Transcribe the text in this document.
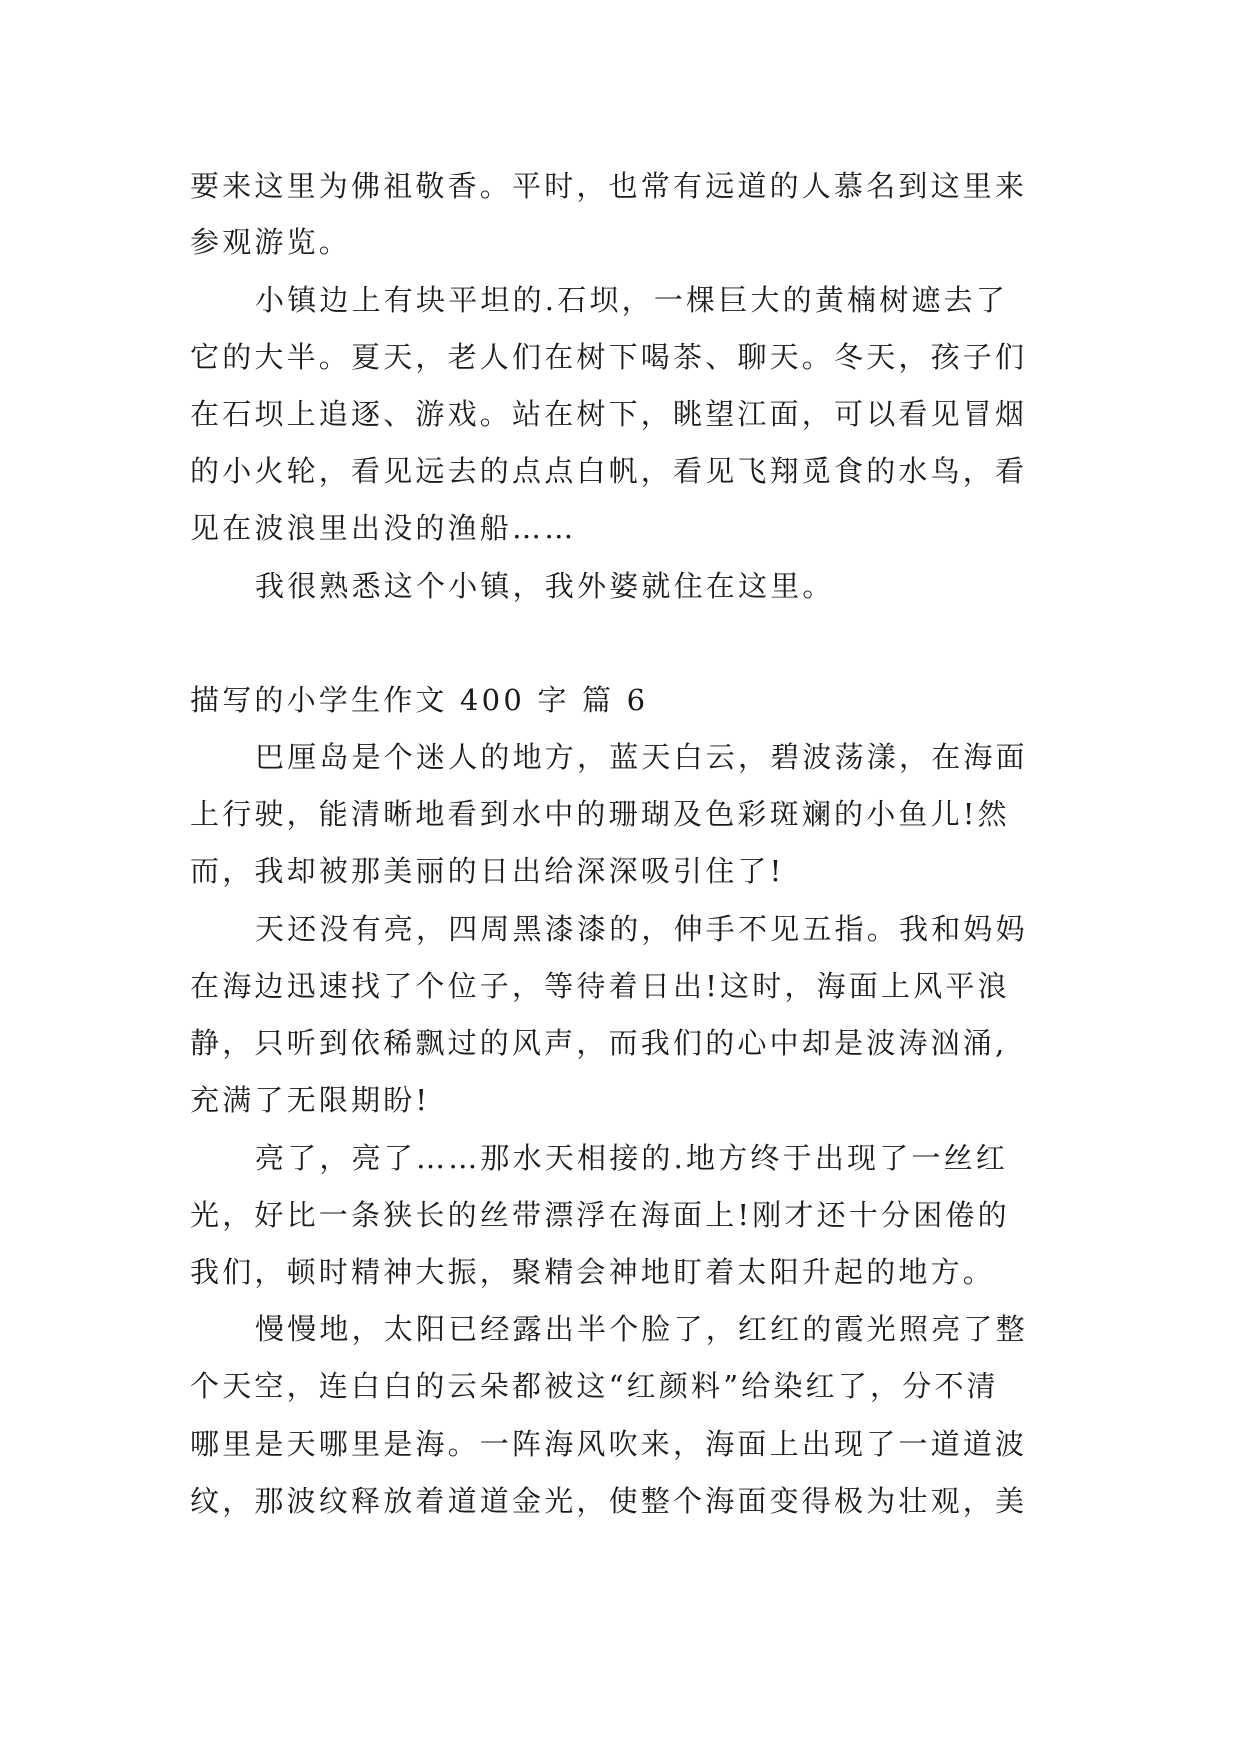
要来这里为佛祖敬香。平时，也常有远道的人慕名到这里来
参观游览。
小镇边上有块平坦的.石坝，一棵巨大的黄楠树遮去了
它的大半。夏天，老人们在树下喝茶、聊天。冬天，孩子们
在石坝上追逐、游戏。站在树下，眺望江面，可以看见冒烟
的小火轮，看见远去的点点白帆，看见飞翔觅食的水鸟，看
见在波浪里出没的渔船……
我很熟悉这个小镇，我外婆就住在这里。
描写的小学生作文 400 字 篇 6
巴厘岛是个迷人的地方，蓝天白云，碧波荡漾，在海面
上行驶，能清晰地看到水中的珊瑚及色彩斑斓的小鱼儿!然
而，我却被那美丽的日出给深深吸引住了!
天还没有亮，四周黑漆漆的，伸手不见五指。我和妈妈
在海边迅速找了个位子，等待着日出!这时，海面上风平浪
静，只听到依稀飘过的风声，而我们的心中却是波涛汹涌,
充满了无限期盼!
亮了，亮了……那水天相接的.地方终于出现了一丝红
光，好比一条狭长的丝带漂浮在海面上!刚才还十分困倦的
我们，顿时精神大振，聚精会神地盯着太阳升起的地方。
慢慢地，太阳已经露出半个脸了，红红的霞光照亮了整
个天空，连白白的云朵都被这“红颜料”给染红了，分不清
哪里是天哪里是海。一阵海风吹来，海面上出现了一道道波
纹，那波纹释放着道道金光，使整个海面变得极为壮观，美
